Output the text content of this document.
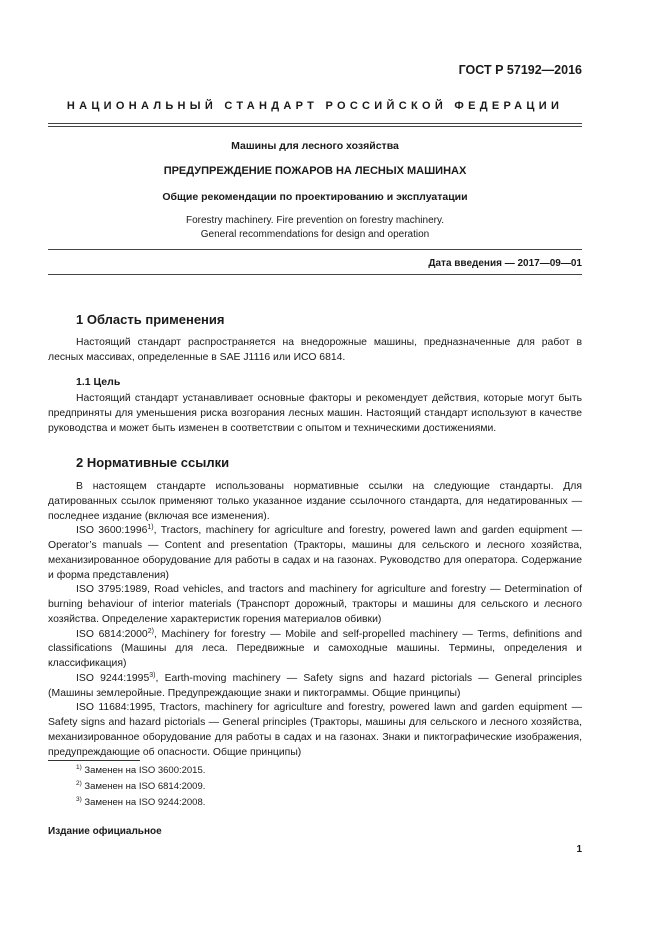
ГОСТ Р 57192—2016
НАЦИОНАЛЬНЫЙ СТАНДАРТ РОССИЙСКОЙ ФЕДЕРАЦИИ
Машины для лесного хозяйства
ПРЕДУПРЕЖДЕНИЕ ПОЖАРОВ НА ЛЕСНЫХ МАШИНАХ
Общие рекомендации по проектированию и эксплуатации
Forestry machinery. Fire prevention on forestry machinery.
General recommendations for design and operation
Дата введения — 2017—09—01
1 Область применения

Настоящий стандарт распространяется на внедорожные машины, предназначенные для работ в лесных массивах, определенные в SAE J1116 или ИСО 6814.

1.1 Цель

Настоящий стандарт устанавливает основные факторы и рекомендует действия, которые могут быть предприняты для уменьшения риска возгорания лесных машин. Настоящий стандарт используют в качестве руководства и может быть изменен в соответствии с опытом и техническими достижениями.

2 Нормативные ссылки

В настоящем стандарте использованы нормативные ссылки на следующие стандарты. Для датированных ссылок применяют только указанное издание ссылочного стандарта, для недатированных — последнее издание (включая все изменения).

ISO 3600:1996$^{1)}$, Tractors, machinery for agriculture and forestry, powered lawn and garden equipment — Operator’s manuals — Content and presentation (Тракторы, машины для сельского и лесного хозяйства, механизированное оборудование для работы в садах и на газонах. Руководство для оператора. Содержание и форма представления)

ISO 3795:1989, Road vehicles, and tractors and machinery for agriculture and forestry — Determination of burning behaviour of interior materials (Транспорт дорожный, тракторы и машины для сельского и лесного хозяйства. Определение характеристик горения материалов обивки)

ISO 6814:2000$^{2)}$, Machinery for forestry — Mobile and self-propelled machinery — Terms, definitions and classifications (Машины для леса. Передвижные и самоходные машины. Термины, определения и классификация)

ISO 9244:1995$^{3)}$, Earth-moving machinery — Safety signs and hazard pictorials — General principles (Машины землеройные. Предупреждающие знаки и пиктограммы. Общие принципы)

ISO 11684:1995, Tractors, machinery for agriculture and forestry, powered lawn and garden equipment — Safety signs and hazard pictorials — General principles (Тракторы, машины для сельского и лесного хозяйства, механизированное оборудование для работы в садах и на газонах. Знаки и пиктографические изображения, предупреждающие об опасности. Общие принципы)

$^{1)}$ Заменен на ISO 3600:2015.
$^{2)}$ Заменен на ISO 6814:2009.
$^{3)}$ Заменен на ISO 9244:2008.
Издание официальное
1
